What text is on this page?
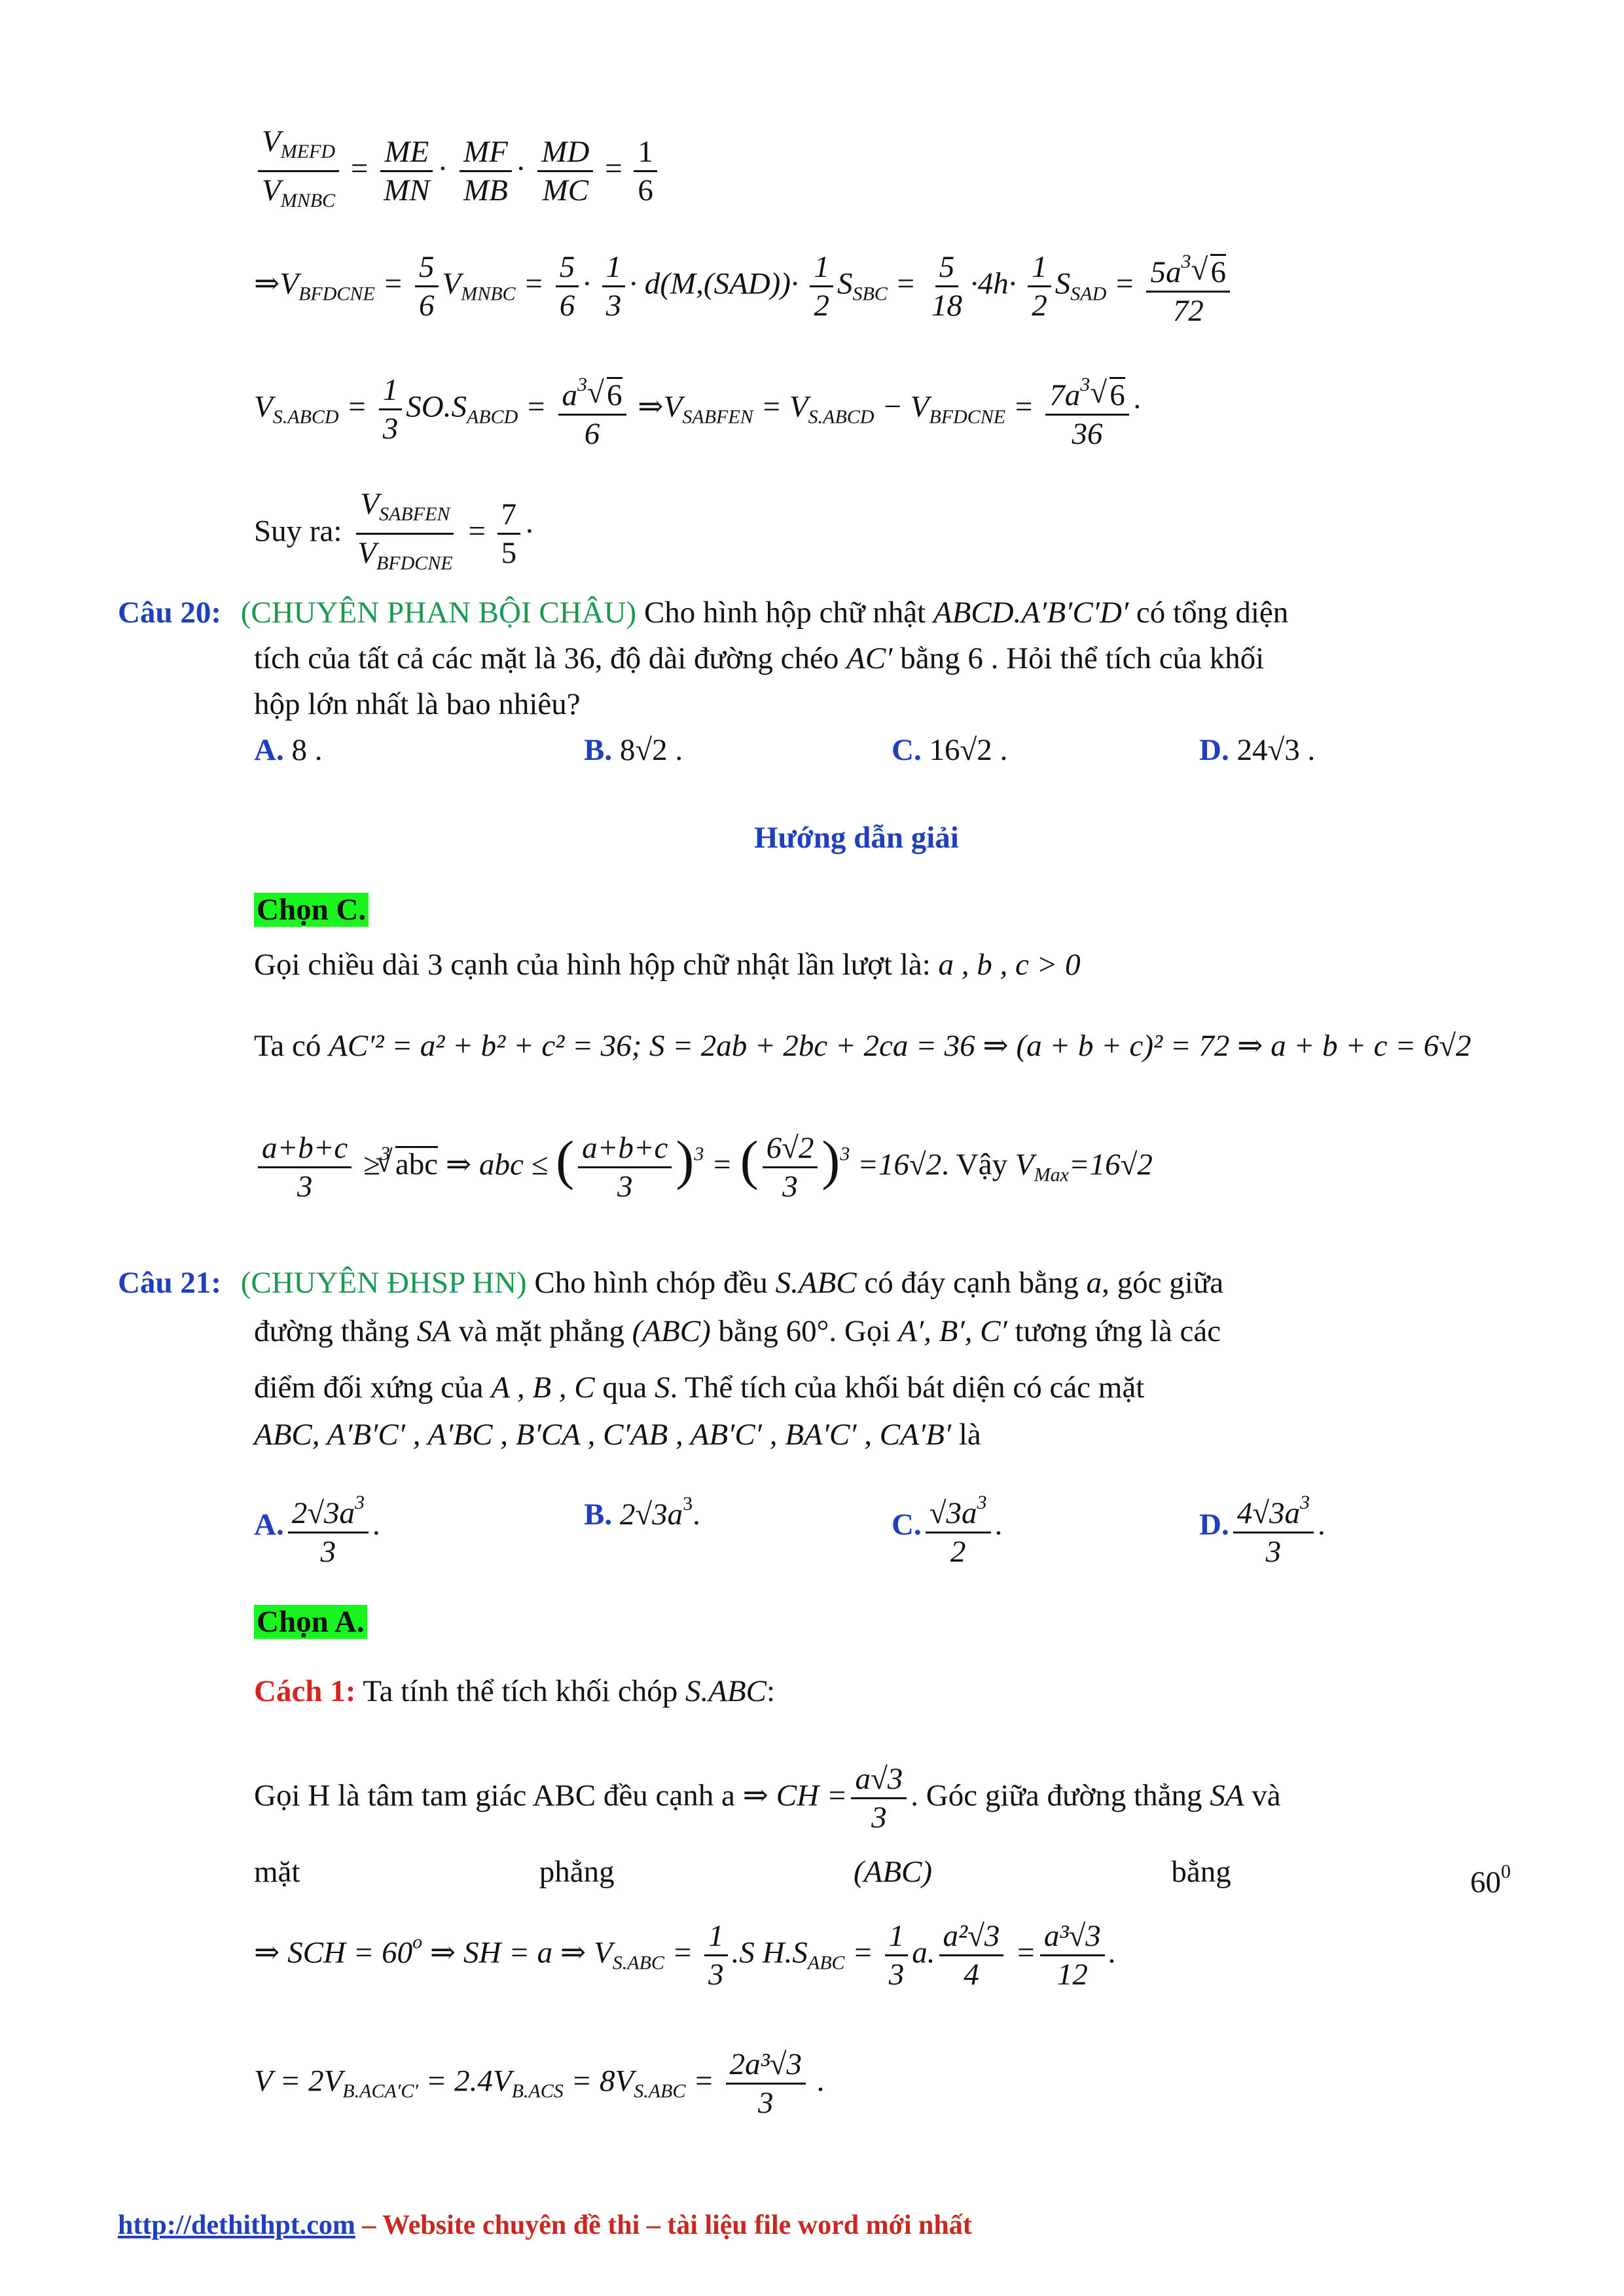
$\frac{V_{MEFD}}{V_{MNBC}} = \frac{ME}{MN} \cdot \frac{MF}{MB} \cdot \frac{MD}{MC} = \frac{1}{6}$
$\Rightarrow V_{BFDCNE} = \frac{5}{6} V_{MNBC} = \frac{5}{6} \cdot \frac{1}{3} \cdot d(M,(SAD))\cdot \frac{1}{2} S_{SBC} = \frac{5}{18} \cdot 4h\cdot \frac{1}{2} S_{SAD} = \frac{5a^3√ 6}{72}$
$V_{S.ABCD} = \frac{1}{3} SO.S_{ABCD} = \frac{a^3√ 6}{6}$ $\Rightarrow V_{SABFEN} = V_{S.ABCD} - V_{BFDCNE} = \frac{7a^3√ 6}{36}$ ·
Suy ra: $\frac{V_{SABFEN}}{V_{BFDCNE}} = \frac{7}{5}$ ·
Câu 20: (CHUYÊN PHAN BỘI CHÂU) Cho hình hộp chữ nhật ABCD.A′B′C′D′ có tổng diện
tích của tất cả các mặt là 36, độ dài đường chéo AC′ bằng 6 . Hỏi thể tích của khối
hộp lớn nhất là bao nhiêu?
A. 8 .	B. 8√2 .	C. 16√2 .	D. 24√3 .
Hướng dẫn giải
Chọn C.
Gọi chiều dài 3 cạnh của hình hộp chữ nhật lần lượt là: a , b , c > 0
Ta có AC′² = a² + b² + c² = 36; S = 2ab + 2bc + 2ca = 36 ⇒ (a + b + c)² = 72 ⇒ a + b + c = 6√2
$\frac{a+b+c}{3} \ge^3√$ abc ⇒ abc ≤ ( $\frac{a+b+c}{3} )^3$ = ( $\frac{6√2}{3} )^3 =16√2$. Vậy $V_{Max}=16√2$
Câu 21: (CHUYÊN ĐHSP HN) Cho hình chóp đều S.ABC có đáy cạnh bằng a, góc giữa
đường thẳng SA và mặt phẳng (ABC) bằng 60°. Gọi A′, B′, C′ tương ứng là các
điểm đối xứng của A , B , C qua S. Thể tích của khối bát diện có các mặt
ABC, A′B′C′ , A′BC , B′CA , C′AB , AB′C′ , BA′C′ , CA′B′ là
A. $\frac{2√3a^3}{3}$ .	B. $2√3a^3$.	C. $\frac{√3a^3}{2}$ .	D. $\frac{4√3a^3}{3}$ .
Chọn A.
Cách 1: Ta tính thể tích khối chóp S.ABC:
Gọi H là tâm tam giác ABC đều cạnh a ⇒ CH = $\frac{a√3}{3}$ . Góc giữa đường thẳng SA và
mặt	phẳng	(ABC)	bằng	$60^0$
⇒ SCH = $60^o$ ⇒ SH = a ⇒ $V_{S.ABC} = \frac{1}{3} .S$ $H.S_{ABC} = \frac{1}{3} a$. $\frac{\text{a²√3}}{4} = \frac{\text{a³√3}}{12}$ .
$V = 2V_{B.ACA'C'} = 2.4V_{B.ACS} = 8V_{S.ABC} = \frac{\text{2a³√3}}{3}$ .
http://dethithpt.com – Website chuyên đề thi – tài liệu file word mới nhất
